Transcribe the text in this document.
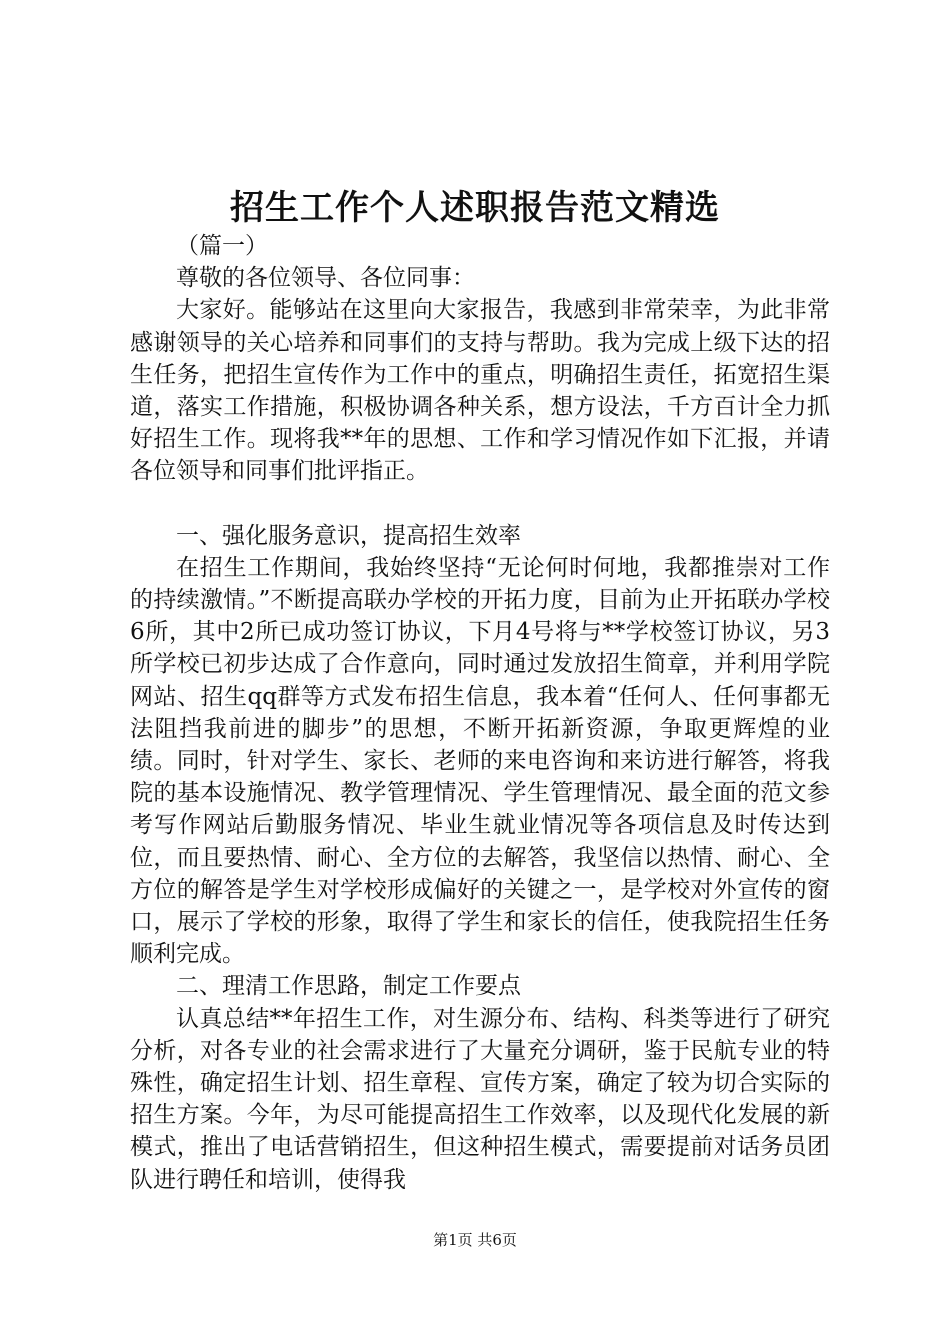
招生工作个人述职报告范文精选

（篇一）

尊敬的各位领导、各位同事：

大家好。能够站在这里向大家报告，我感到非常荣幸，为此非常感谢领导的关心培养和同事们的支持与帮助。我为完成上级下达的招生任务，把招生宣传作为工作中的重点，明确招生责任，拓宽招生渠道，落实工作措施，积极协调各种关系，想方设法，千方百计全力抓好招生工作。现将我**年的思想、工作和学习情况作如下汇报，并请各位领导和同事们批评指正。

一、强化服务意识，提高招生效率

在招生工作期间，我始终坚持“无论何时何地，我都推崇对工作的持续激情。”不断提高联办学校的开拓力度，目前为止开拓联办学校6所，其中2所已成功签订协议，下月4号将与**学校签订协议，另3所学校已初步达成了合作意向，同时通过发放招生简章，并利用学院网站、招生qq群等方式发布招生信息，我本着“任何人、任何事都无法阻挡我前进的脚步”的思想，不断开拓新资源，争取更辉煌的业绩。同时，针对学生、家长、老师的来电咨询和来访进行解答，将我院的基本设施情况、教学管理情况、学生管理情况、最全面的范文参考写作网站后勤服务情况、毕业生就业情况等各项信息及时传达到位，而且要热情、耐心、全方位的去解答，我坚信以热情、耐心、全方位的解答是学生对学校形成偏好的关键之一，是学校对外宣传的窗口，展示了学校的形象，取得了学生和家长的信任，使我院招生任务顺利完成。

二、理清工作思路，制定工作要点

认真总结**年招生工作，对生源分布、结构、科类等进行了研究分析，对各专业的社会需求进行了大量充分调研，鉴于民航专业的特殊性，确定招生计划、招生章程、宣传方案，确定了较为切合实际的招生方案。今年，为尽可能提高招生工作效率，以及现代化发展的新模式，推出了电话营销招生，但这种招生模式，需要提前对话务员团队进行聘任和培训，使得我

第1页 共6页
